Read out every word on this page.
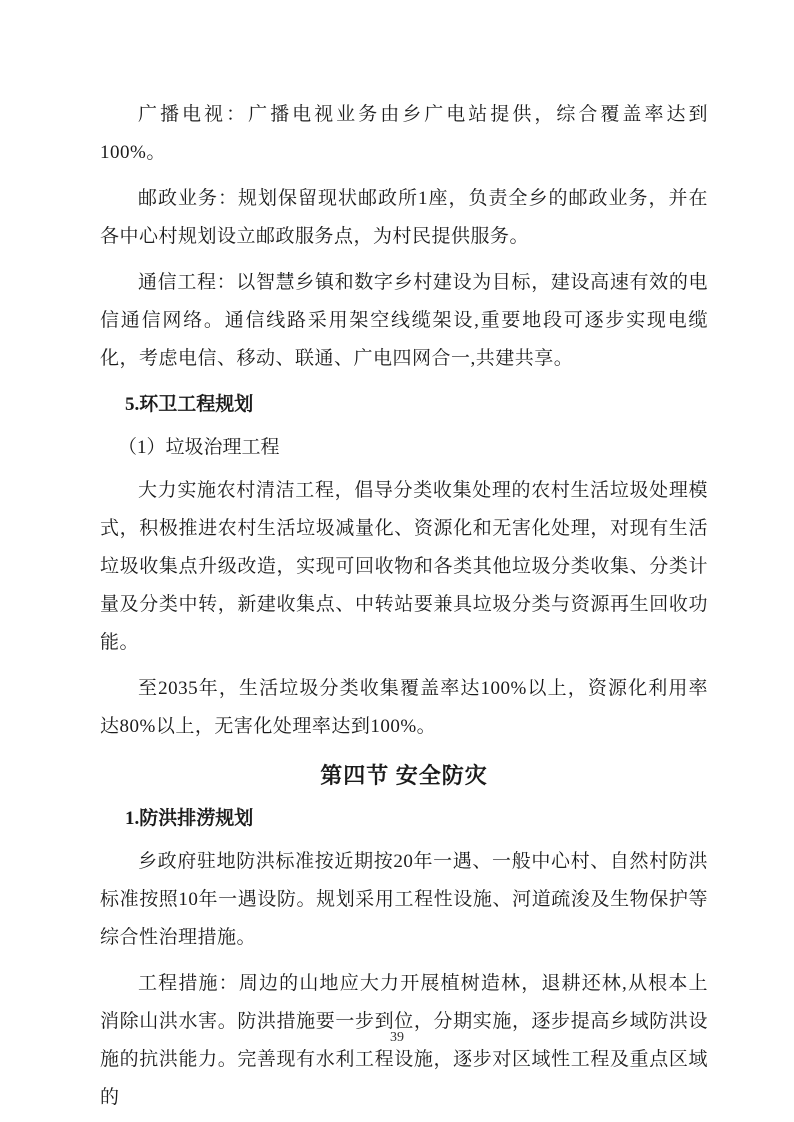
广播电视：广播电视业务由乡广电站提供，综合覆盖率达到100%。

邮政业务：规划保留现状邮政所1座，负责全乡的邮政业务，并在各中心村规划设立邮政服务点，为村民提供服务。

通信工程：以智慧乡镇和数字乡村建设为目标，建设高速有效的电信通信网络。通信线路采用架空线缆架设,重要地段可逐步实现电缆化，考虑电信、移动、联通、广电四网合一,共建共享。

5.环卫工程规划
（1）垃圾治理工程

大力实施农村清洁工程，倡导分类收集处理的农村生活垃圾处理模式，积极推进农村生活垃圾减量化、资源化和无害化处理，对现有生活垃圾收集点升级改造，实现可回收物和各类其他垃圾分类收集、分类计量及分类中转，新建收集点、中转站要兼具垃圾分类与资源再生回收功能。

至2035年，生活垃圾分类收集覆盖率达100%以上，资源化利用率达80%以上，无害化处理率达到100%。

第四节 安全防灾
1.防洪排涝规划

乡政府驻地防洪标准按近期按20年一遇、一般中心村、自然村防洪标准按照10年一遇设防。规划采用工程性设施、河道疏浚及生物保护等综合性治理措施。

工程措施：周边的山地应大力开展植树造林，退耕还林,从根本上消除山洪水害。防洪措施要一步到位，分期实施，逐步提高乡域防洪设施的抗洪能力。完善现有水利工程设施，逐步对区域性工程及重点区域的

39
